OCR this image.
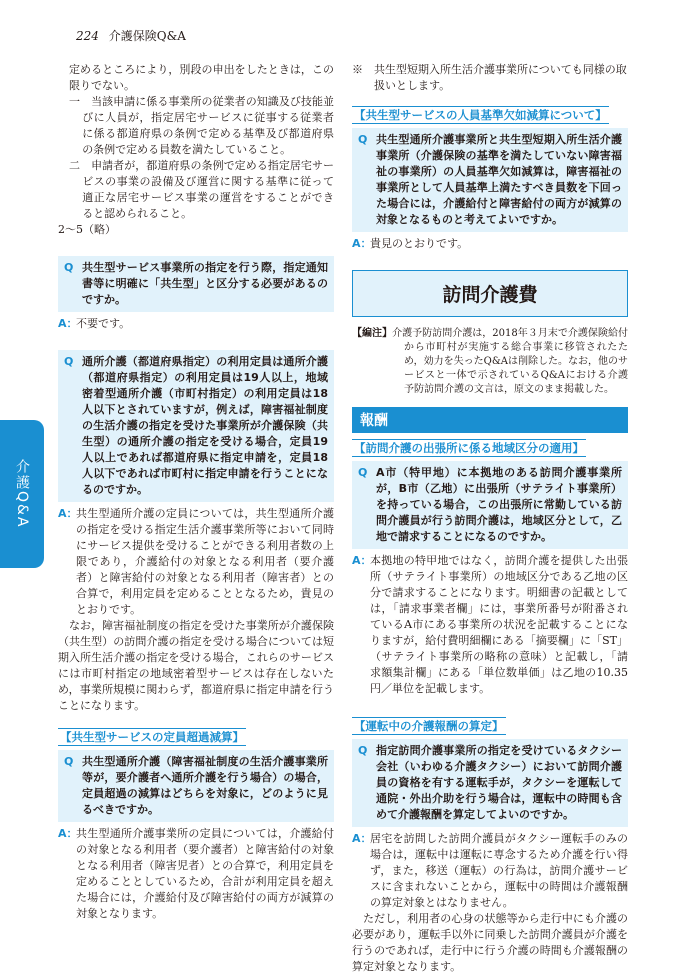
224 介護保険Q&A
介護Q&A

定めるところにより，別段の申出をしたときは，この限りでない。

一　当該申請に係る事業所の従業者の知識及び技能並びに人員が，指定居宅サービスに従事する従業者に係る都道府県の条例で定める基準及び都道府県の条例で定める員数を満たしていること。

二　申請者が，都道府県の条例で定める指定居宅サービスの事業の設備及び運営に関する基準に従って適正な居宅サービス事業の運営をすることができると認められること。

2～5（略）

Q 共生型サービス事業所の指定を行う際，指定通知書等に明確に「共生型」と区分する必要があるのですか。
A：
不要です。
Q 通所介護（都道府県指定）の利用定員は通所介護（都道府県指定）の利用定員は19人以上，地域密着型通所介護（市町村指定）の利用定員は18人以下とされていますが，例えば，障害福祉制度の生活介護の指定を受けた事業所が介護保険（共生型）の通所介護の指定を受ける場合，定員19人以上であれば都道府県に指定申請を，定員18人以下であれば市町村に指定申請を行うことになるのですか。
A：
共生型通所介護の定員については，共生型通所介護の指定を受ける指定生活介護事業所等において同時にサービス提供を受けることができる利用者数の上限であり，介護給付の対象となる利用者（要介護者）と障害給付の対象となる利用者（障害者）との合算で，利用定員を定めることとなるため，貴見のとおりです。

なお，障害福祉制度の指定を受けた事業所が介護保険（共生型）の訪問介護の指定を受ける場合については短期入所生活介護の指定を受ける場合，これらのサービスには市町村指定の地域密着型サービスは存在しないため，事業所規模に関わらず，都道府県に指定申請を行うことになります。

【共生型サービスの定員超過減算】
Q 共生型通所介護（障害福祉制度の生活介護事業所等が，要介護者へ通所介護を行う場合）の場合，定員超過の減算はどちらを対象に，どのように見るべきですか。
A：
共生型通所介護事業所の定員については，介護給付の対象となる利用者（要介護者）と障害給付の対象となる利用者（障害児者）との合算で，利用定員を定めることとしているため，合計が利用定員を超えた場合には，介護給付及び障害給付の両方が減算の対象となります。

※　共生型短期入所生活介護事業所についても同様の取扱いとします。

【共生型サービスの人員基準欠如減算について】
Q 共生型通所介護事業所と共生型短期入所生活介護事業所（介護保険の基準を満たしていない障害福祉の事業所）の人員基準欠如減算は，障害福祉の事業所として人員基準上満たすべき員数を下回った場合には，介護給付と障害給付の両方が減算の対象となるものと考えてよいですか。
A：
貴見のとおりです。
訪問介護費

【編注】介護予防訪問介護は，2018年３月末で介護保険給付から市町村が実施する総合事業に移管されたため，効力を失ったQ&Aは削除した。なお，他のサービスと一体で示されているQ&Aにおける介護予防訪問介護の文言は，原文のまま掲載した。

報酬
【訪問介護の出張所に係る地域区分の適用】
Q A市（特甲地）に本拠地のある訪問介護事業所が，B市（乙地）に出張所（サテライト事業所）を持っている場合，この出張所に常勤している訪問介護員が行う訪問介護は，地域区分として，乙地で請求することになるのですか。
A：
本拠地の特甲地ではなく，訪問介護を提供した出張所（サテライト事業所）の地域区分である乙地の区分で請求することになります。明細書の記載としては，「請求事業者欄」には，事業所番号が附番されているA市にある事業所の状況を記載することになりますが，給付費明細欄にある「摘要欄」に「ST」（サテライト事業所の略称の意味）と記載し，「請求額集計欄」にある「単位数単価」は乙地の10.35円／単位を記載します。
【運転中の介護報酬の算定】
Q 指定訪問介護事業所の指定を受けているタクシー会社（いわゆる介護タクシー）において訪問介護員の資格を有する運転手が，タクシーを運転して通院・外出介助を行う場合は，運転中の時間も含めて介護報酬を算定してよいのですか。
A：
居宅を訪問した訪問介護員がタクシー運転手のみの場合は，運転中は運転に専念するため介護を行い得ず，また，移送（運転）の行為は，訪問介護サービスに含まれないことから，運転中の時間は介護報酬の算定対象とはなりません。

ただし，利用者の心身の状態等から走行中にも介護の必要があり，運転手以外に同乗した訪問介護員が介護を行うのであれば，走行中に行う介護の時間も介護報酬の算定対象となります。
